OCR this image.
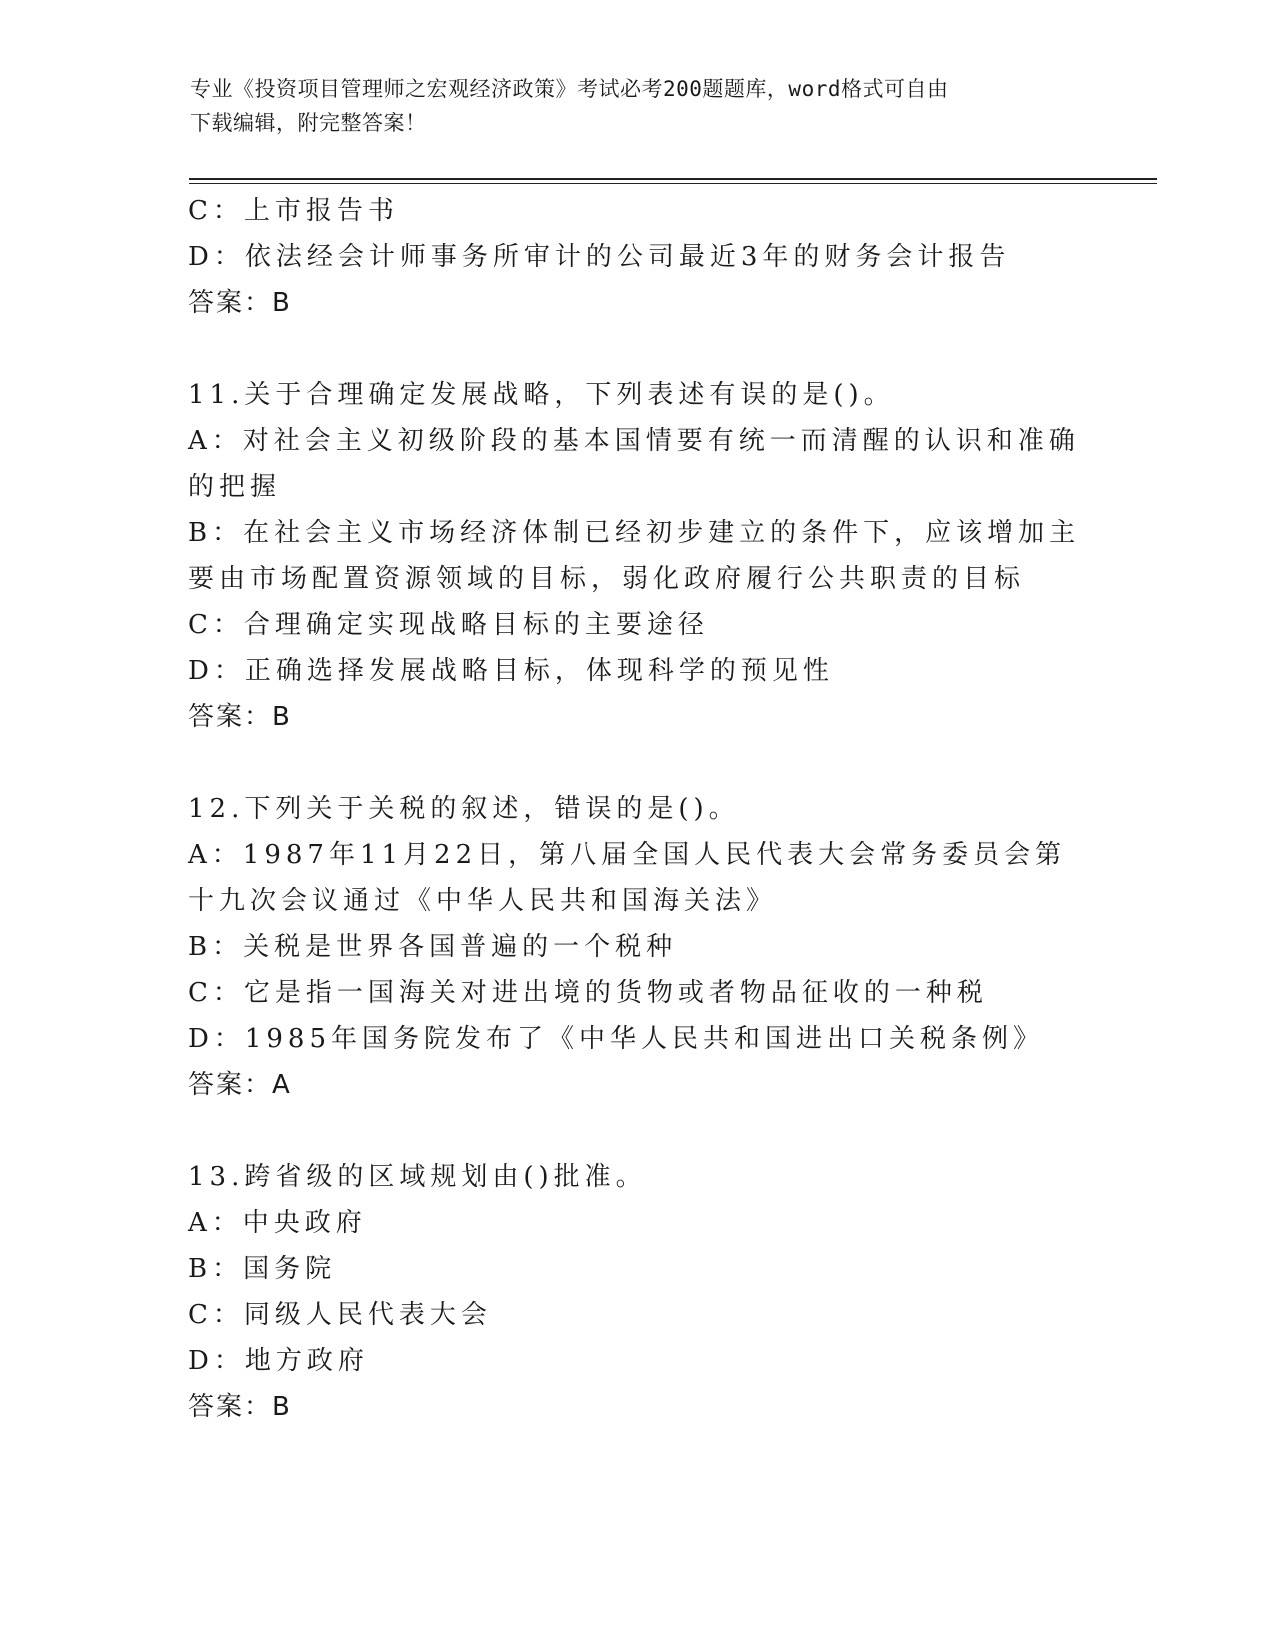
专业《投资项目管理师之宏观经济政策》考试必考200题题库，word格式可自由
下载编辑，附完整答案！
C：上市报告书
D：依法经会计师事务所审计的公司最近3年的财务会计报告
答案：B
11.关于合理确定发展战略，下列表述有误的是()。
A：对社会主义初级阶段的基本国情要有统一而清醒的认识和准确的把握
B：在社会主义市场经济体制已经初步建立的条件下，应该增加主要由市场配置资源领域的目标，弱化政府履行公共职责的目标
C：合理确定实现战略目标的主要途径
D：正确选择发展战略目标，体现科学的预见性
答案：B
12.下列关于关税的叙述，错误的是()。
A：1987年11月22日，第八届全国人民代表大会常务委员会第十九次会议通过《中华人民共和国海关法》
B：关税是世界各国普遍的一个税种
C：它是指一国海关对进出境的货物或者物品征收的一种税
D：1985年国务院发布了《中华人民共和国进出口关税条例》
答案：A
13.跨省级的区域规划由()批准。
A：中央政府
B：国务院
C：同级人民代表大会
D：地方政府
答案：B
